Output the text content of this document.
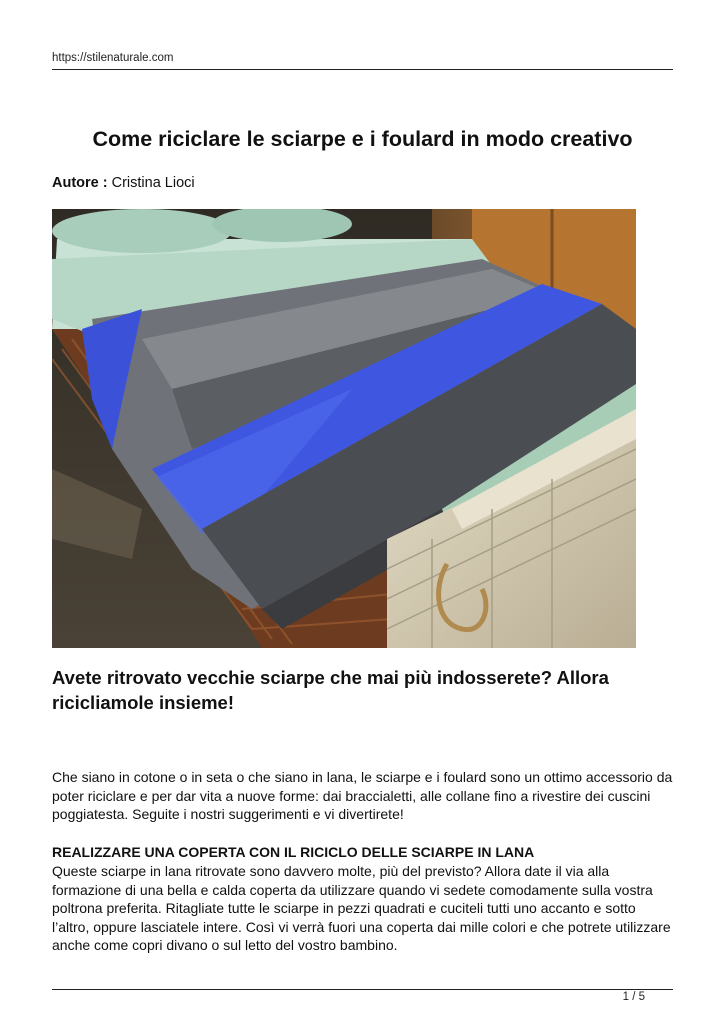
https://stilenaturale.com
Come riciclare le sciarpe e i foulard in modo creativo
Autore : Cristina Lioci
Avete ritrovato vecchie sciarpe che mai più indosserete? Allora ricicliamole insieme!
Che siano in cotone o in seta o che siano in lana, le sciarpe e i foulard sono un ottimo accessorio da poter riciclare e per dar vita a nuove forme: dai braccialetti, alle collane fino a rivestire dei cuscini poggiatesta. Seguite i nostri suggerimenti e vi divertirete!
REALIZZARE UNA COPERTA CON IL RICICLO DELLE SCIARPE IN LANA
Queste sciarpe in lana ritrovate sono davvero molte, più del previsto? Allora date il via alla formazione di una bella e calda coperta da utilizzare quando vi sedete comodamente sulla vostra poltrona preferita. Ritagliate tutte le sciarpe in pezzi quadrati e cuciteli tutti uno accanto e sotto l’altro, oppure lasciatele intere. Così vi verrà fuori una coperta dai mille colori e che potrete utilizzare anche come copri divano o sul letto del vostro bambino.
1 / 5
